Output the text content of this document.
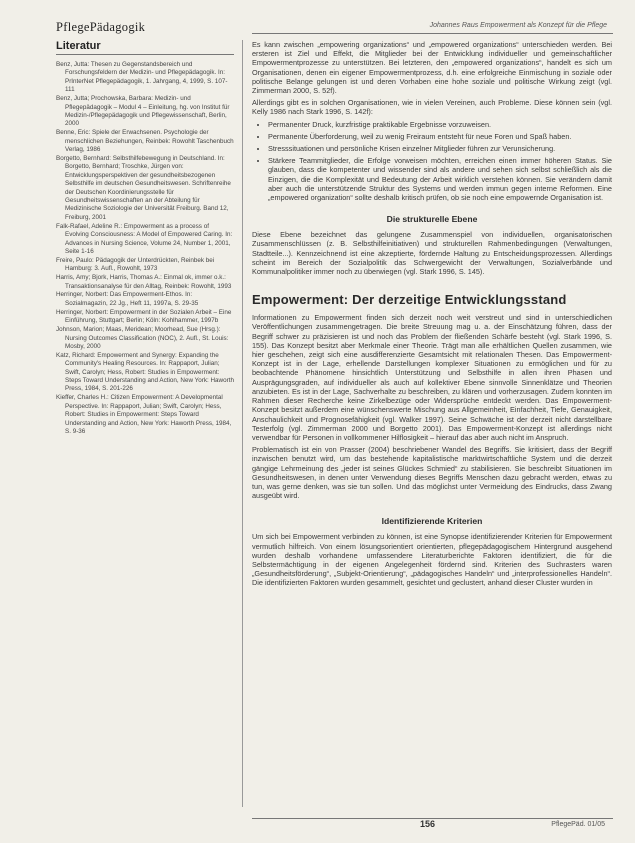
PflegePädagogik	Johannes Raus Empowerment als Konzept für die Pflege
Literatur

Benz, Jutta: Thesen zu Gegenstandsbereich und Forschungsfeldern der Medizin- und Pflegepädagogik. In: PrInterNet Pflegepädagogik, 1. Jahrgang, 4, 1999, S. 107-111

Benz, Jutta; Prochowska, Barbara: Medizin- und Pflegepädagogik – Modul 4 – Einleitung, hg. von Institut für Medizin-/Pflegepädagogik und Pflegewissenschaft, Berlin, 2000

Benne, Eric: Spiele der Erwachsenen. Psychologie der menschlichen Beziehungen, Reinbek: Rowohlt Taschenbuch Verlag, 1986

Borgetto, Bernhard: Selbsthilfebewegung in Deutschland. In: Borgetto, Bernhard; Troschke, Jürgen von: Entwicklungsperspektiven der gesundheitsbezogenen Selbsthilfe im deutschen Gesundheitswesen. Schriftenreihe der Deutschen Koordinierungsstelle für Gesundheitswissenschaften an der Abteilung für Medizinische Soziologie der Universität Freiburg. Band 12, Freiburg, 2001

Falk-Rafael, Adeline R.: Empowerment as a process of Evolving Consciousness: A Model of Empowered Caring. In: Advances in Nursing Science, Volume 24, Number 1, 2001, Seite 1-16

Freire, Paulo: Pädagogik der Unterdrückten, Reinbek bei Hamburg: 3. Aufl., Rowohlt, 1973

Harris, Amy; Bjork, Harris, Thomas A.: Einmal ok, immer o.k.: Transaktionsanalyse für den Alltag, Reinbek: Rowohlt, 1993

Herringer, Norbert: Das Empowerment-Ethos. In: Sozialmagazin, 22 Jg., Heft 11, 1997a, S. 29-35

Herringer, Norbert: Empowerment in der Sozialen Arbeit – Eine Einführung, Stuttgart; Berlin; Köln: Kohlhammer, 1997b

Johnson, Marion; Maas, Meridean; Moorhead, Sue (Hrsg.): Nursing Outcomes Classification (NOC), 2. Aufl., St. Louis: Mosby, 2000

Katz, Richard: Empowerment and Synergy: Expanding the Community's Healing Resources. In: Rappaport, Julian; Swift, Carolyn; Hess, Robert: Studies in Empowerment: Steps Toward Understanding and Action, New York: Haworth Press, 1984, S. 201-226

Kieffer, Charles H.: Citizen Empowerment: A Developmental Perspective. In: Rappaport, Julian; Swift, Carolyn; Hess, Robert: Studies in Empowerment: Steps Toward Understanding and Action, New York: Haworth Press, 1984, S. 9-36

Es kann zwischen „empowering organizations“ und „empowered organizations“ unterschieden werden. Bei ersteren ist Ziel und Effekt, die Mitglieder bei der Entwicklung individueller und gemeinschaftlicher Empowermentprozesse zu unterstützen. Bei letzteren, den „empowered organizations“, handelt es sich um Organisationen, denen ein eigener Empowermentprozess, d.h. eine erfolgreiche Einmischung in soziale oder politische Belange gelungen ist und deren Vorhaben eine hohe soziale und politische Wirkung zeigt (vgl. Zimmerman 2000, S. 52f).

Allerdings gibt es in solchen Organisationen, wie in vielen Vereinen, auch Probleme. Diese können sein (vgl. Kelly 1986 nach Stark 1996, S. 142f):

• Permanenter Druck, kurzfristige praktikable Ergebnisse vorzuweisen.
• Permanente Überforderung, weil zu wenig Freiraum entsteht für neue Foren und Spaß haben.
• Stresssituationen und persönliche Krisen einzelner Mitglieder führen zur Verunsicherung.
• Stärkere Teammitglieder, die Erfolge vorweisen möchten, erreichen einen immer höheren Status. Sie glauben, dass die kompetenter und wissender sind als andere und sehen sich selbst schließlich als die Einzigen, die die Komplexität und Bedeutung der Arbeit wirklich verstehen können. Sie verändern damit aber auch die unterstützende Struktur des Systems und werden immun gegen interne Reformen. Eine „empowered organization“ sollte deshalb kritisch prüfen, ob sie noch eine empowernde Organisation ist.
Die strukturelle Ebene

Diese Ebene bezeichnet das gelungene Zusammenspiel von individuellen, organisatorischen Zusammenschlüssen (z. B. Selbsthilfeinitiativen) und strukturellen Rahmenbedingungen (Verwaltungen, Stadtteile...). Kennzeichnend ist eine akzeptierte, fördernde Haltung zu Entscheidungsprozessen. Allerdings scheint im Bereich der Sozialpolitik das Schwergewicht der Verwaltungen, Sozialverbände und Kommunalpolitiker immer noch zu überwiegen (vgl. Stark 1996, S. 145).

Empowerment: Der derzeitige Entwicklungsstand

Informationen zu Empowerment finden sich derzeit noch weit verstreut und sind in unterschiedlichen Veröffentlichungen zusammengetragen. Die breite Streuung mag u. a. der Einschätzung führen, dass der Begriff schwer zu präzisieren ist und noch das Problem der fließenden Schärfe besteht (vgl. Stark 1996, S. 155). Das Konzept besitzt aber Merkmale einer Theorie. Trägt man alle erhältlichen Quellen zusammen, wie hier geschehen, zeigt sich eine ausdifferenzierte Gesamtsicht mit relationalen Thesen. Das Empowerment-Konzept ist in der Lage, erhellende Darstellungen komplexer Situationen zu ermöglichen und für zu beobachtende Phänomene hinsichtlich Unterstützung und Selbsthilfe in allen ihren Phasen und Ausprägungsgraden, auf individueller als auch auf kollektiver Ebene sinnvolle Sinnenklätze und Theorien anzubieten. Es ist in der Lage, Sachverhalte zu beschreiben, zu klären und vorherzusagen. Zudem konnten im Rahmen dieser Recherche keine Zirkelbezüge oder Widersprüche entdeckt werden. Das Empowerment-Konzept besitzt außerdem eine wünschenswerte Mischung aus Allgemeinheit, Einfachheit, Tiefe, Genauigkeit, Anschaulichkeit und Prognosefähigkeit (vgl. Walker 1997). Seine Schwäche ist der derzeit nicht darstellbare Testerfolg (vgl. Zimmerman 2000 und Borgetto 2001). Das Empowerment-Konzept ist allerdings nicht verwendbar für Personen in vollkommener Hilflosigkeit – hierauf das aber auch nicht im Anspruch.

Problematisch ist ein von Prasser (2004) beschriebener Wandel des Begriffs. Sie kritisiert, dass der Begriff inzwischen benutzt wird, um das bestehende kapitalistische marktwirtschaftliche System und die derzeit gängige Lehrmeinung des „jeder ist seines Glückes Schmied“ zu stabilisieren. Sie beschreibt Situationen im Gesundheitswesen, in denen unter Verwendung dieses Begriffs Menschen dazu gebracht werden, etwas zu tun, was gerne denken, was sie tun sollen. Und das möglichst unter Vermeidung des Eindrucks, dass Zwang ausgeübt wird.

Identifizierende Kriterien

Um sich bei Empowerment verbinden zu können, ist eine Synopse identifizierender Kriterien für Empowerment vermutlich hilfreich. Von einem lösungsorientiert orientierten, pflegepädagogischem Hintergrund ausgehend wurden deshalb vorhandene umfassendere Literaturberichte Faktoren identifiziert, die für die Selbstermächtigung in der eigenen Angelegenheit fördernd sind. Kriterien des Suchrasters waren „Gesundheitsförderung“, „Subjekt-Orientierung“, „pädagogisches Handeln“ und „interprofessionelles Handeln“. Die identifizierten Faktoren wurden gesammelt, gesichtet und geclustert, anhand dieser Cluster wurden in

156	PflegePäd. 01/05
